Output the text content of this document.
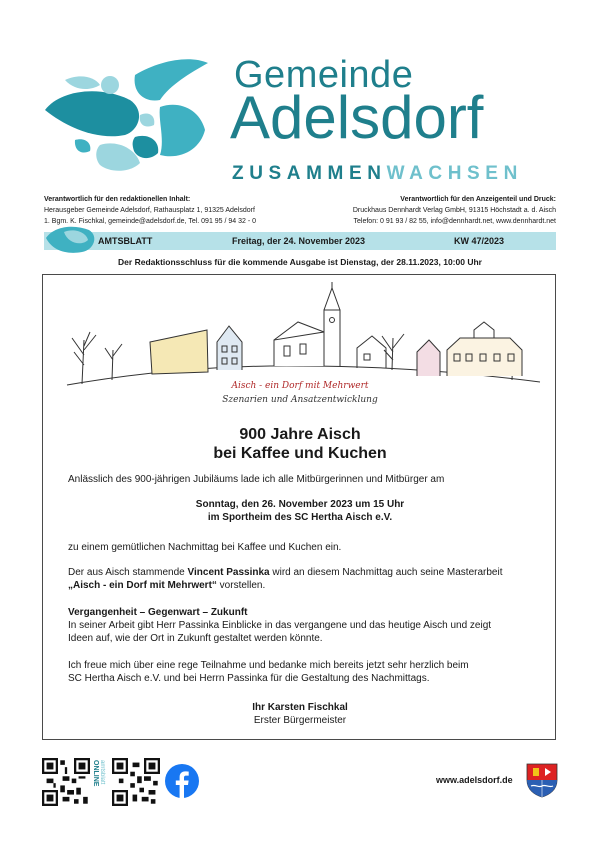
Gemeinde
Adelsdorf
ZUSAMMENWACHSEN
Verantwortlich für den redaktionellen Inhalt:
Herausgeber Gemeinde Adelsdorf, Rathausplatz 1, 91325 Adelsdorf
1. Bgm. K. Fischkal, gemeinde@adelsdorf.de, Tel. 091 95 / 94 32 - 0
Verantwortlich für den Anzeigenteil und Druck:
Druckhaus Dennhardt Verlag GmbH, 91315 Höchstadt a. d. Aisch
Telefon: 0 91 93 / 82 55, info@dennhardt.net, www.dennhardt.net
AMTSBLATT	Freitag, der 24. November 2023	KW 47/2023
Der Redaktionsschluss für die kommende Ausgabe ist Dienstag, der 28.11.2023, 10:00 Uhr
Aisch - ein Dorf mit Mehrwert
Szenarien und Ansatzentwicklung
900 Jahre Aisch
bei Kaffee und Kuchen
Anlässlich des 900-jährigen Jubiläums lade ich alle Mitbürgerinnen und Mitbürger am
Sonntag, den 26. November 2023 um 15 Uhr
im Sportheim des SC Hertha Aisch e.V.
zu einem gemütlichen Nachmittag bei Kaffee und Kuchen ein.
Der aus Aisch stammende Vincent Passinka wird an diesem Nachmittag auch seine Masterarbeit
„Aisch - ein Dorf mit Mehrwert“ vorstellen.
Vergangenheit – Gegenwart – Zukunft
In seiner Arbeit gibt Herr Passinka Einblicke in das vergangene und das heutige Aisch und zeigt
Ideen auf, wie der Ort in Zukunft gestaltet werden könnte.
Ich freue mich über eine rege Teilnahme und bedanke mich bereits jetzt sehr herzlich beim
SC Hertha Aisch e.V. und bei Herrn Passinka für die Gestaltung des Nachmittags.
Ihr Karsten Fischkal
Erster Bürgermeister
ONLINE amtsblatt	www.adelsdorf.de
